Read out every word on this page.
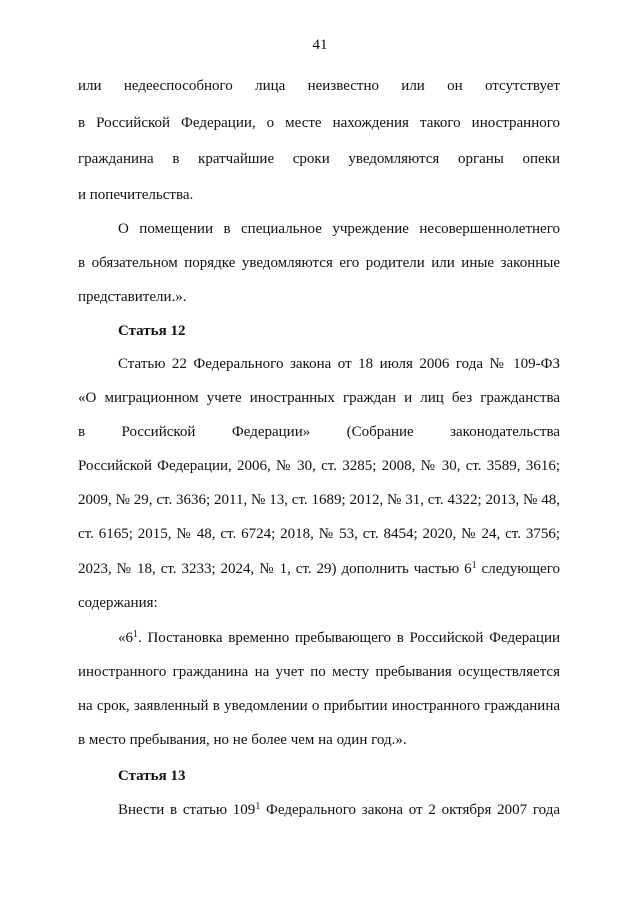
41
или недееспособного лица неизвестно или он отсутствует
в Российской Федерации, о месте нахождения такого иностранного
гражданина в кратчайшие сроки уведомляются органы опеки
и попечительства.
О помещении в специальное учреждение несовершеннолетнего
в обязательном порядке уведомляются его родители или иные законные
представители.».
Статья 12
Статью 22 Федерального закона от 18 июля 2006 года № 109-ФЗ
«О миграционном учете иностранных граждан и лиц без гражданства
в Российской Федерации» (Собрание законодательства
Российской Федерации, 2006, № 30, ст. 3285; 2008, № 30, ст. 3589, 3616;
2009, № 29, ст. 3636; 2011, № 13, ст. 1689; 2012, № 31, ст. 4322; 2013, № 48,
ст. 6165; 2015, № 48, ст. 6724; 2018, № 53, ст. 8454; 2020, № 24, ст. 3756;
2023, № 18, ст. 3233; 2024, № 1, ст. 29) дополнить частью $6^1$ следующего
содержания:
«$6^1$. Постановка временно пребывающего в Российской Федерации
иностранного гражданина на учет по месту пребывания осуществляется
на срок, заявленный в уведомлении о прибытии иностранного гражданина
в место пребывания, но не более чем на один год.».
Статья 13
Внести в статью $109^1$ Федерального закона от 2 октября 2007 года
